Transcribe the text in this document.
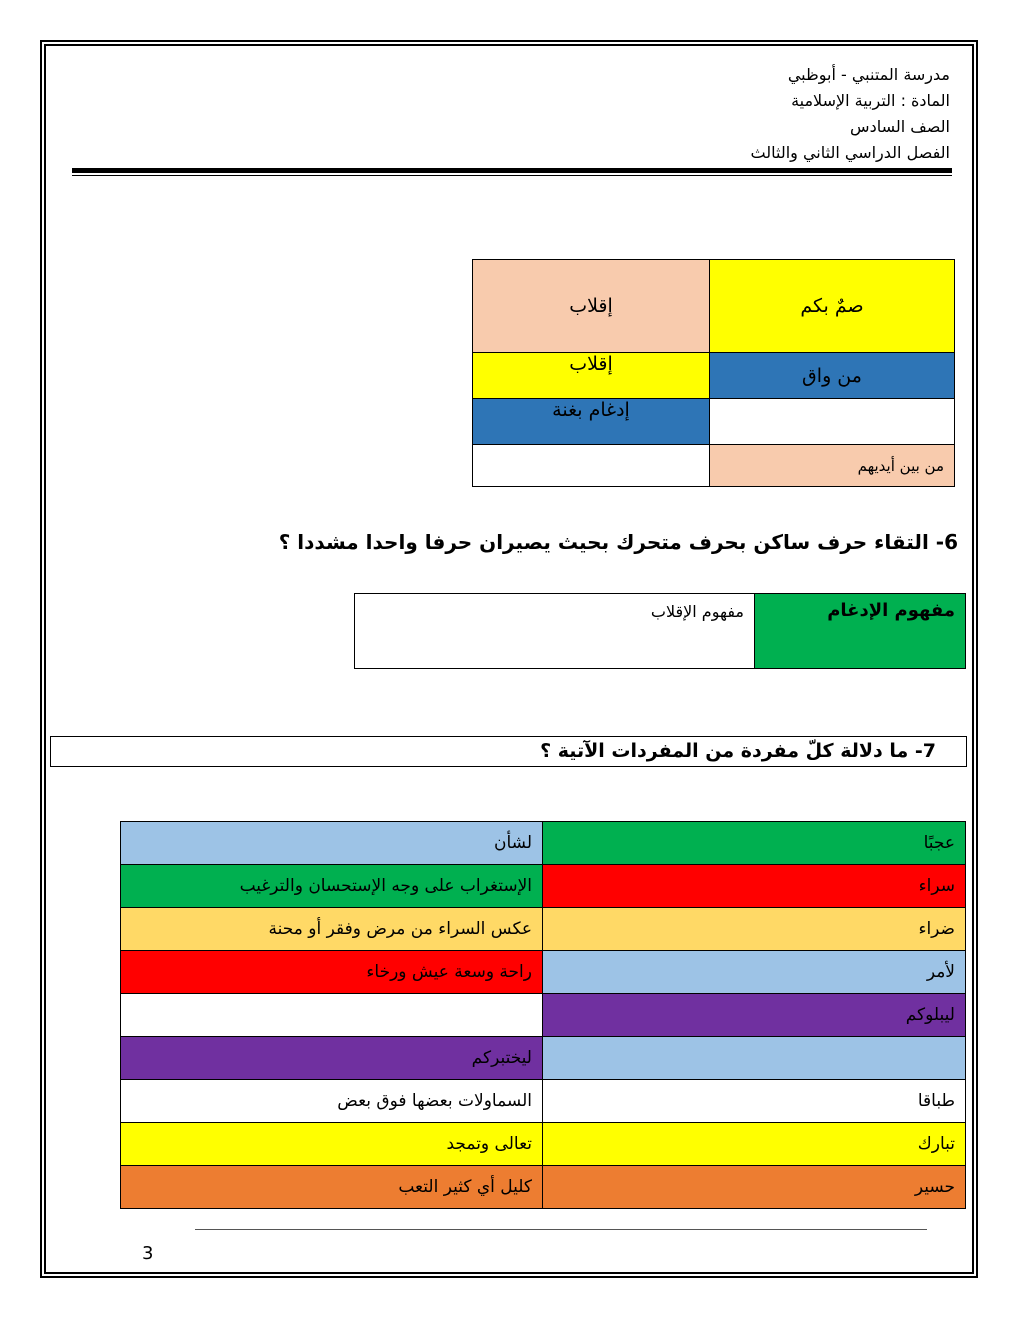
مدرسة المتنبي - أبوظبي
المادة : التربية الإسلامية
الصف السادس
الفصل الدراسي الثاني والثالث
صمٌ بكم	إقلاب
من واق	إقلاب
	إدغام بغنة
من بين أيديهم	
6- التقاء حرف ساكن بحرف متحرك بحيث يصيران حرفا واحدا مشددا ؟
مفهوم الإدغام	مفهوم الإقلاب
7- ما دلالة كلّ مفردة من المفردات الآتية ؟
عجبًا	لشأن
سراء	الإستغراب على وجه الإستحسان والترغيب
ضراء	عكس السراء من مرض وفقر أو محنة
لأمر	راحة وسعة عيش ورخاء
ليبلوكم	
	ليختبركم
طباقا	السماولات بعضها فوق بعض
تبارك	تعالى وتمجد
حسير	كليل أي كثير التعب
3
